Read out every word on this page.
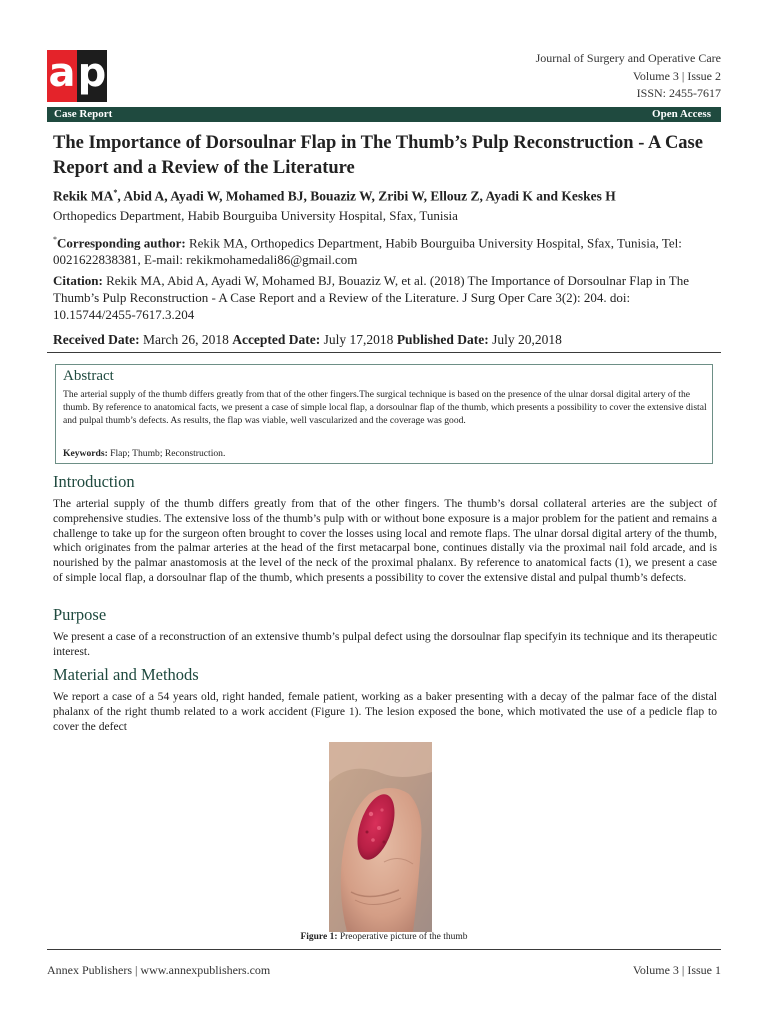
a p	Journal of Surgery and Operative Care
Volume 3 | Issue 2
ISSN: 2455-7617
Case Report	Open Access
The Importance of Dorsoulnar Flap in The Thumb’s Pulp Reconstruction - A Case Report and a Review of the Literature
Rekik MA*, Abid A, Ayadi W, Mohamed BJ, Bouaziz W, Zribi W, Ellouz Z, Ayadi K and Keskes H
Orthopedics Department, Habib Bourguiba University Hospital, Sfax, Tunisia
*Corresponding author: Rekik MA, Orthopedics Department, Habib Bourguiba University Hospital, Sfax, Tunisia, Tel: 0021622838381, E-mail: rekikmohamedali86@gmail.com
Citation: Rekik MA, Abid A, Ayadi W, Mohamed BJ, Bouaziz W, et al. (2018) The Importance of Dorsoulnar Flap in The Thumb’s Pulp Reconstruction - A Case Report and a Review of the Literature. J Surg Oper Care 3(2): 204. doi: 10.15744/2455-7617.3.204
Received Date: March 26, 2018 Accepted Date: July 17,2018 Published Date: July 20,2018
Abstract
The arterial supply of the thumb differs greatly from that of the other fingers.The surgical technique is based on the presence of the ulnar dorsal digital artery of the thumb. By reference to anatomical facts, we present a case of simple local flap, a dorsoulnar flap of the thumb, which presents a possibility to cover the extensive distal and pulpal thumb’s defects. As results, the flap was viable, well vascularized and the coverage was good.
Keywords: Flap; Thumb; Reconstruction.
Introduction
The arterial supply of the thumb differs greatly from that of the other fingers. The thumb’s dorsal collateral arteries are the subject of comprehensive studies. The extensive loss of the thumb’s pulp with or without bone exposure is a major problem for the patient and remains a challenge to take up for the surgeon often brought to cover the losses using local and remote flaps. The ulnar dorsal digital artery of the thumb, which originates from the palmar arteries at the head of the first metacarpal bone, continues distally via the proximal nail fold arcade, and is nourished by the palmar anastomosis at the level of the neck of the proximal phalanx. By reference to anatomical facts (1), we present a case of simple local flap, a dorsoulnar flap of the thumb, which presents a possibility to cover the extensive distal and pulpal thumb’s defects.
Purpose
We present a case of a reconstruction of an extensive thumb’s pulpal defect using the dorsoulnar flap specifyin its technique and its therapeutic interest.
Material and Methods
We report a case of a 54 years old, right handed, female patient, working as a baker presenting with a decay of the palmar face of the distal phalanx of the right thumb related to a work accident (Figure 1). The lesion exposed the bone, which motivated the use of a pedicle flap to cover the defect
Figure 1: Preoperative picture of the thumb
Annex Publishers | www.annexpublishers.com	Volume 3 | Issue 1
